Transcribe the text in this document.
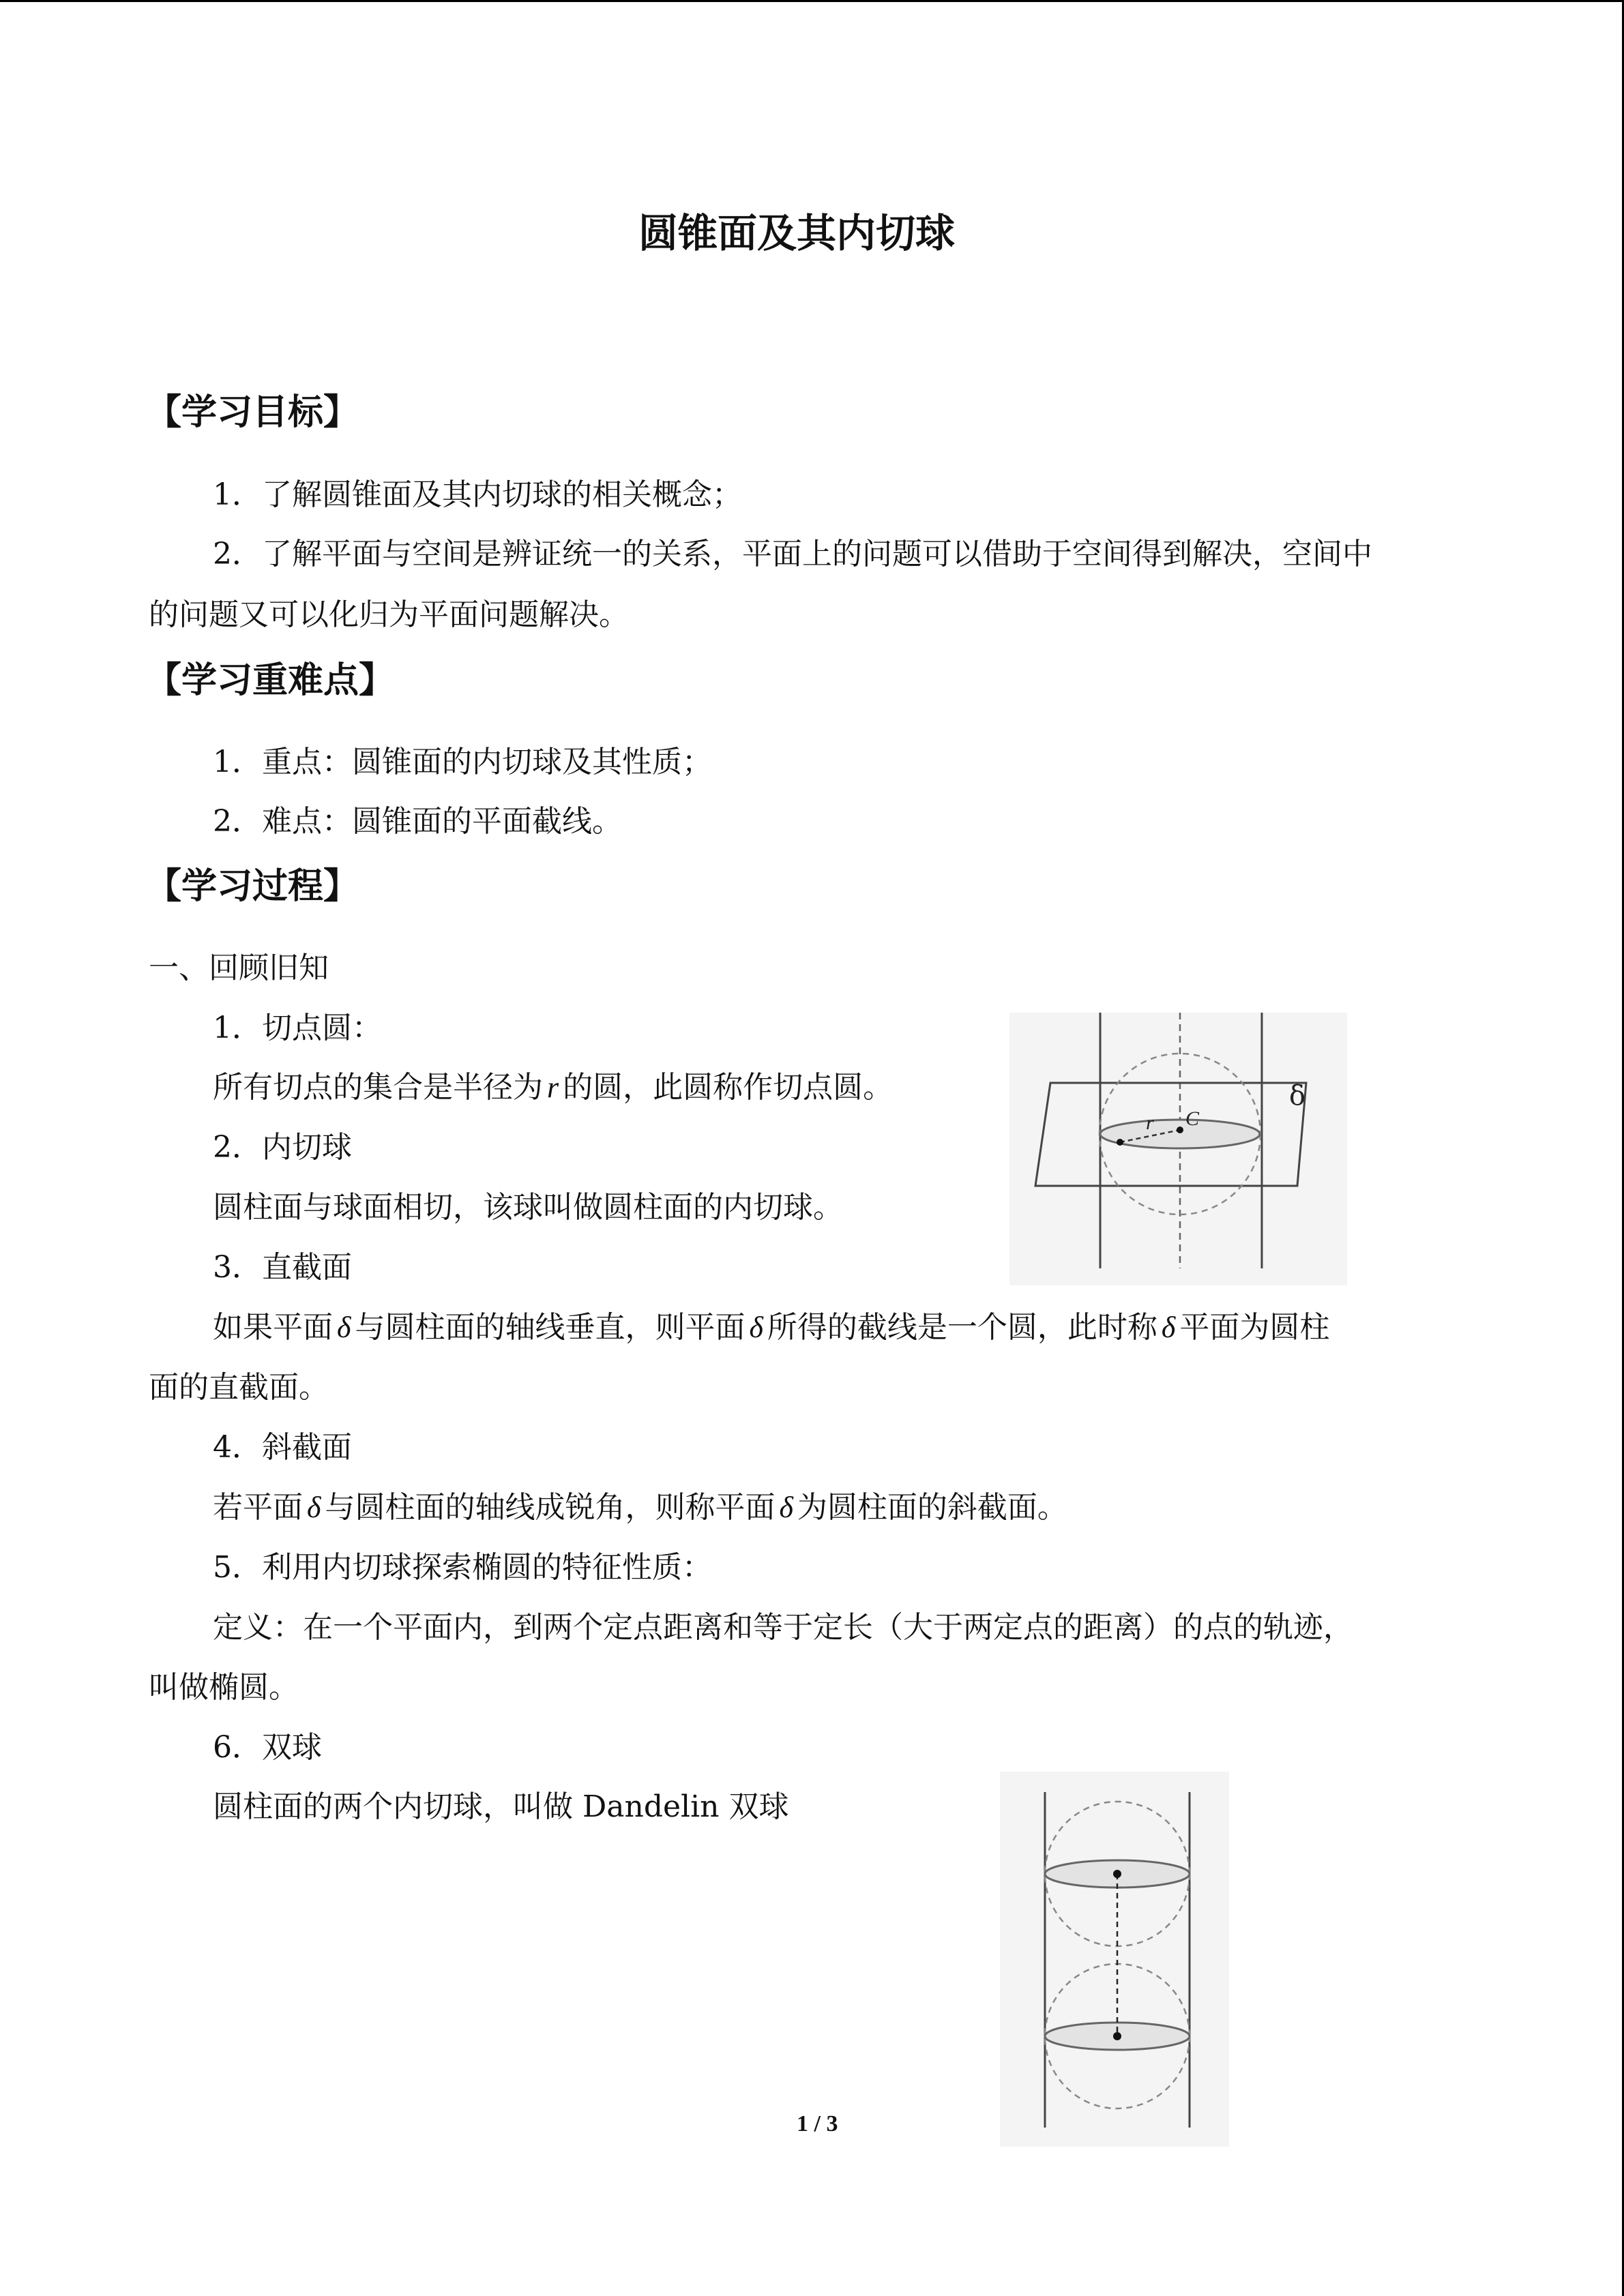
圆锥面及其内切球
【学习目标】
1．了解圆锥面及其内切球的相关概念；
2．了解平面与空间是辨证统一的关系，平面上的问题可以借助于空间得到解决，空间中
的问题又可以化归为平面问题解决。
【学习重难点】
1．重点：圆锥面的内切球及其性质；
2．难点：圆锥面的平面截线。
【学习过程】
一、回顾旧知
1．切点圆：
所有切点的集合是半径为 r 的圆，此圆称作切点圆。
2．内切球
圆柱面与球面相切，该球叫做圆柱面的内切球。
3．直截面
如果平面 δ 与圆柱面的轴线垂直，则平面 δ 所得的截线是一个圆，此时称 δ 平面为圆柱
面的直截面。
4．斜截面
若平面 δ 与圆柱面的轴线成锐角，则称平面 δ 为圆柱面的斜截面。
5．利用内切球探索椭圆的特征性质：
定义：在一个平面内，到两个定点距离和等于定长（大于两定点的距离）的点的轨迹，
叫做椭圆。
6．双球
圆柱面的两个内切球，叫做 Dandelin 双球
r C
δ
1 / 3
